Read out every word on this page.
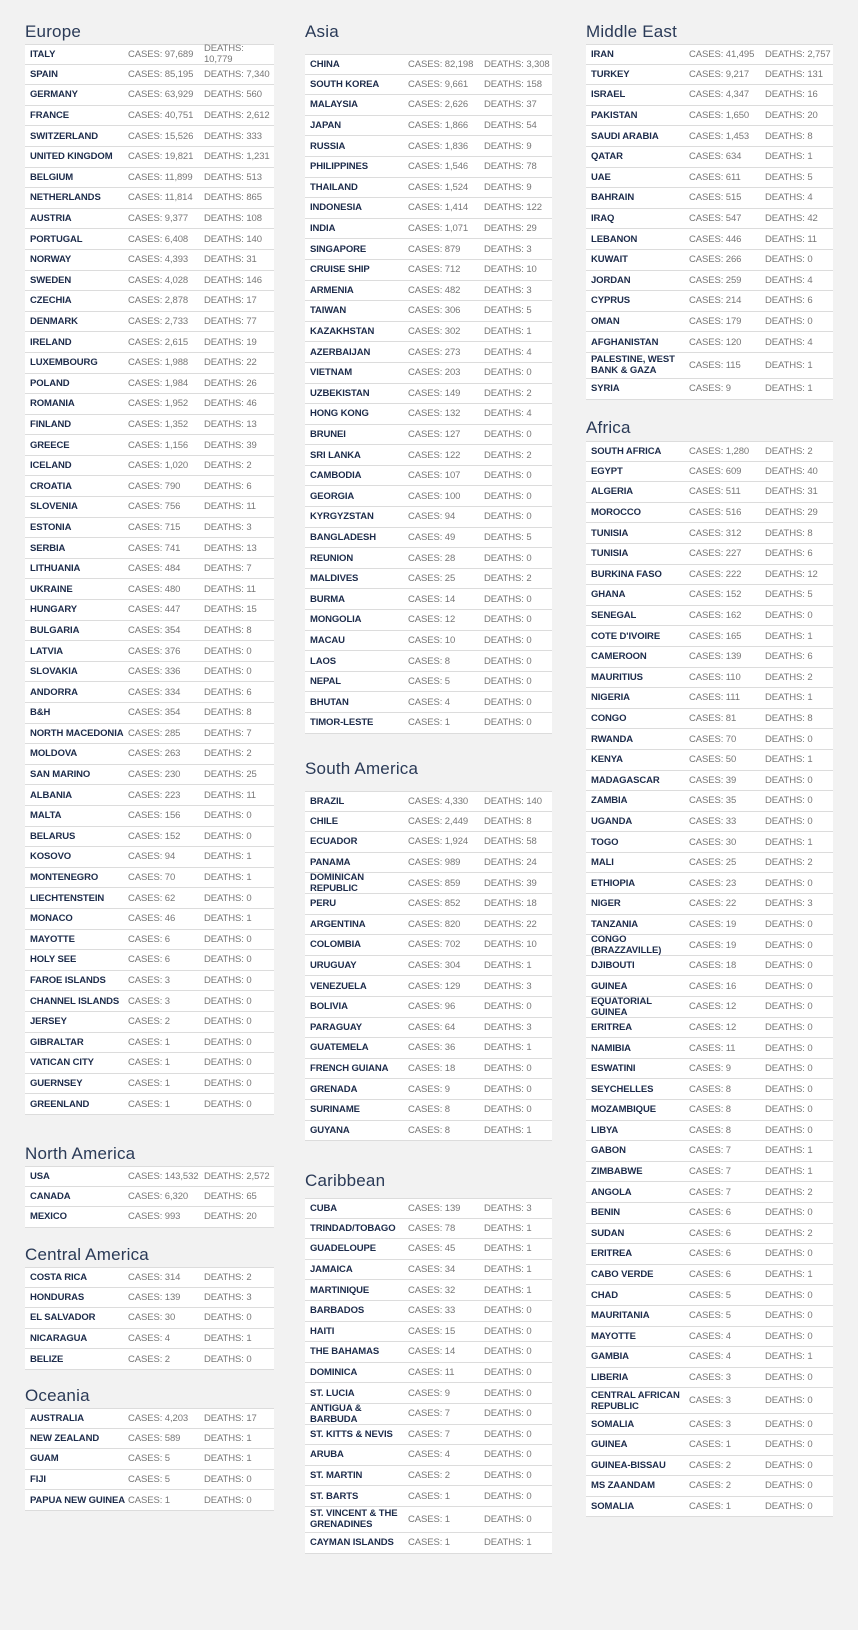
Europe
ITALY	CASES: 97,689	DEATHS: 10,779
SPAIN	CASES: 85,195	DEATHS: 7,340
GERMANY	CASES: 63,929	DEATHS: 560
FRANCE	CASES: 40,751	DEATHS: 2,612
SWITZERLAND	CASES: 15,526	DEATHS: 333
UNITED KINGDOM	CASES: 19,821	DEATHS: 1,231
BELGIUM	CASES: 11,899	DEATHS: 513
NETHERLANDS	CASES: 11,814	DEATHS: 865
AUSTRIA	CASES: 9,377	DEATHS: 108
PORTUGAL	CASES: 6,408	DEATHS: 140
NORWAY	CASES: 4,393	DEATHS: 31
SWEDEN	CASES: 4,028	DEATHS: 146
CZECHIA	CASES: 2,878	DEATHS: 17
DENMARK	CASES: 2,733	DEATHS: 77
IRELAND	CASES: 2,615	DEATHS: 19
LUXEMBOURG	CASES: 1,988	DEATHS: 22
POLAND	CASES: 1,984	DEATHS: 26
ROMANIA	CASES: 1,952	DEATHS: 46
FINLAND	CASES: 1,352	DEATHS: 13
GREECE	CASES: 1,156	DEATHS: 39
ICELAND	CASES: 1,020	DEATHS: 2
CROATIA	CASES: 790	DEATHS: 6
SLOVENIA	CASES: 756	DEATHS: 11
ESTONIA	CASES: 715	DEATHS: 3
SERBIA	CASES: 741	DEATHS: 13
LITHUANIA	CASES: 484	DEATHS: 7
UKRAINE	CASES: 480	DEATHS: 11
HUNGARY	CASES: 447	DEATHS: 15
BULGARIA	CASES: 354	DEATHS: 8
LATVIA	CASES: 376	DEATHS: 0
SLOVAKIA	CASES: 336	DEATHS: 0
ANDORRA	CASES: 334	DEATHS: 6
B&H	CASES: 354	DEATHS: 8
NORTH MACEDONIA CASES: 285	DEATHS: 7
MOLDOVA	CASES: 263	DEATHS: 2
SAN MARINO	CASES: 230	DEATHS: 25
ALBANIA	CASES: 223	DEATHS: 11
MALTA	CASES: 156	DEATHS: 0
BELARUS	CASES: 152	DEATHS: 0
KOSOVO	CASES: 94	DEATHS: 1
MONTENEGRO	CASES: 70	DEATHS: 1
LIECHTENSTEIN	CASES: 62	DEATHS: 0
MONACO	CASES: 46	DEATHS: 1
MAYOTTE	CASES: 6	DEATHS: 0
HOLY SEE	CASES: 6	DEATHS: 0
FAROE ISLANDS	CASES: 3	DEATHS: 0
CHANNEL ISLANDS CASES: 3	DEATHS: 0
JERSEY	CASES: 2	DEATHS: 0
GIBRALTAR	CASES: 1	DEATHS: 0
VATICAN CITY	CASES: 1	DEATHS: 0
GUERNSEY	CASES: 1	DEATHS: 0
GREENLAND	CASES: 1	DEATHS: 0
North America
USA	CASES: 143,532 DEATHS: 2,572
CANADA	CASES: 6,320	DEATHS: 65
MEXICO	CASES: 993	DEATHS: 20
Central America
COSTA RICA	CASES: 314	DEATHS: 2
HONDURAS	CASES: 139	DEATHS: 3
EL SALVADOR	CASES: 30	DEATHS: 0
NICARAGUA	CASES: 4	DEATHS: 1
BELIZE	CASES: 2	DEATHS: 0
Oceania
AUSTRALIA	CASES: 4,203	DEATHS: 17
NEW ZEALAND	CASES: 589	DEATHS: 1
GUAM	CASES: 5	DEATHS: 1
FIJI	CASES: 5	DEATHS: 0
PAPUA NEW GUINEA CASES: 1	DEATHS: 0
Asia
CHINA	CASES: 82,198	DEATHS: 3,308
SOUTH KOREA	CASES: 9,661	DEATHS: 158
MALAYSIA	CASES: 2,626	DEATHS: 37
JAPAN	CASES: 1,866	DEATHS: 54
RUSSIA	CASES: 1,836	DEATHS: 9
PHILIPPINES	CASES: 1,546	DEATHS: 78
THAILAND	CASES: 1,524	DEATHS: 9
INDONESIA	CASES: 1,414	DEATHS: 122
INDIA	CASES: 1,071	DEATHS: 29
SINGAPORE	CASES: 879	DEATHS: 3
CRUISE SHIP	CASES: 712	DEATHS: 10
ARMENIA	CASES: 482	DEATHS: 3
TAIWAN	CASES: 306	DEATHS: 5
KAZAKHSTAN	CASES: 302	DEATHS: 1
AZERBAIJAN	CASES: 273	DEATHS: 4
VIETNAM	CASES: 203	DEATHS: 0
UZBEKISTAN	CASES: 149	DEATHS: 2
HONG KONG	CASES: 132	DEATHS: 4
BRUNEI	CASES: 127	DEATHS: 0
SRI LANKA	CASES: 122	DEATHS: 2
CAMBODIA	CASES: 107	DEATHS: 0
GEORGIA	CASES: 100	DEATHS: 0
KYRGYZSTAN	CASES: 94	DEATHS: 0
BANGLADESH	CASES: 49	DEATHS: 5
REUNION	CASES: 28	DEATHS: 0
MALDIVES	CASES: 25	DEATHS: 2
BURMA	CASES: 14	DEATHS: 0
MONGOLIA	CASES: 12	DEATHS: 0
MACAU	CASES: 10	DEATHS: 0
LAOS	CASES: 8	DEATHS: 0
NEPAL	CASES: 5	DEATHS: 0
BHUTAN	CASES: 4	DEATHS: 0
TIMOR-LESTE	CASES: 1	DEATHS: 0
South America
BRAZIL	CASES: 4,330	DEATHS: 140
CHILE	CASES: 2,449	DEATHS: 8
ECUADOR	CASES: 1,924	DEATHS: 58
PANAMA	CASES: 989	DEATHS: 24
DOMINICAN REPUBLIC	CASES: 859	DEATHS: 39
PERU	CASES: 852	DEATHS: 18
ARGENTINA	CASES: 820	DEATHS: 22
COLOMBIA	CASES: 702	DEATHS: 10
URUGUAY	CASES: 304	DEATHS: 1
VENEZUELA	CASES: 129	DEATHS: 3
BOLIVIA	CASES: 96	DEATHS: 0
PARAGUAY	CASES: 64	DEATHS: 3
GUATEMELA	CASES: 36	DEATHS: 1
FRENCH GUIANA	CASES: 18	DEATHS: 0
GRENADA	CASES: 9	DEATHS: 0
SURINAME	CASES: 8	DEATHS: 0
GUYANA	CASES: 8	DEATHS: 1
Caribbean
CUBA	CASES: 139	DEATHS: 3
TRINDAD/TOBAGO	CASES: 78	DEATHS: 1
GUADELOUPE	CASES: 45	DEATHS: 1
JAMAICA	CASES: 34	DEATHS: 1
MARTINIQUE	CASES: 32	DEATHS: 1
BARBADOS	CASES: 33	DEATHS: 0
HAITI	CASES: 15	DEATHS: 0
THE BAHAMAS	CASES: 14	DEATHS: 0
DOMINICA	CASES: 11	DEATHS: 0
ST. LUCIA	CASES: 9	DEATHS: 0
ANTIGUA & BARBUDA	CASES: 7	DEATHS: 0
ST. KITTS & NEVIS	CASES: 7	DEATHS: 0
ARUBA	CASES: 4	DEATHS: 0
ST. MARTIN	CASES: 2	DEATHS: 0
ST. BARTS	CASES: 1	DEATHS: 0
ST. VINCENT & THE GRENADINES	CASES: 1	DEATHS: 0
CAYMAN ISLANDS	CASES: 1	DEATHS: 1
Middle East
IRAN	CASES: 41,495	DEATHS: 2,757
TURKEY	CASES: 9,217	DEATHS: 131
ISRAEL	CASES: 4,347	DEATHS: 16
PAKISTAN	CASES: 1,650	DEATHS: 20
SAUDI ARABIA	CASES: 1,453	DEATHS: 8
QATAR	CASES: 634	DEATHS: 1
UAE	CASES: 611	DEATHS: 5
BAHRAIN	CASES: 515	DEATHS: 4
IRAQ	CASES: 547	DEATHS: 42
LEBANON	CASES: 446	DEATHS: 11
KUWAIT	CASES: 266	DEATHS: 0
JORDAN	CASES: 259	DEATHS: 4
CYPRUS	CASES: 214	DEATHS: 6
OMAN	CASES: 179	DEATHS: 0
AFGHANISTAN	CASES: 120	DEATHS: 4
PALESTINE, WEST BANK & GAZA	CASES: 115	DEATHS: 1
SYRIA	CASES: 9	DEATHS: 1
Africa
SOUTH AFRICA	CASES: 1,280	DEATHS: 2
EGYPT	CASES: 609	DEATHS: 40
ALGERIA	CASES: 511	DEATHS: 31
MOROCCO	CASES: 516	DEATHS: 29
TUNISIA	CASES: 312	DEATHS: 8
TUNISIA	CASES: 227	DEATHS: 6
BURKINA FASO	CASES: 222	DEATHS: 12
GHANA	CASES: 152	DEATHS: 5
SENEGAL	CASES: 162	DEATHS: 0
COTE D'IVOIRE	CASES: 165	DEATHS: 1
CAMEROON	CASES: 139	DEATHS: 6
MAURITIUS	CASES: 110	DEATHS: 2
NIGERIA	CASES: 111	DEATHS: 1
CONGO	CASES: 81	DEATHS: 8
RWANDA	CASES: 70	DEATHS: 0
KENYA	CASES: 50	DEATHS: 1
MADAGASCAR	CASES: 39	DEATHS: 0
ZAMBIA	CASES: 35	DEATHS: 0
UGANDA	CASES: 33	DEATHS: 0
TOGO	CASES: 30	DEATHS: 1
MALI	CASES: 25	DEATHS: 2
ETHIOPIA	CASES: 23	DEATHS: 0
NIGER	CASES: 22	DEATHS: 3
TANZANIA	CASES: 19	DEATHS: 0
CONGO (BRAZZAVILLE)	CASES: 19	DEATHS: 0
DJIBOUTI	CASES: 18	DEATHS: 0
GUINEA	CASES: 16	DEATHS: 0
EQUATORIAL GUINEA	CASES: 12	DEATHS: 0
ERITREA	CASES: 12	DEATHS: 0
NAMIBIA	CASES: 11	DEATHS: 0
ESWATINI	CASES: 9	DEATHS: 0
SEYCHELLES	CASES: 8	DEATHS: 0
MOZAMBIQUE	CASES: 8	DEATHS: 0
LIBYA	CASES: 8	DEATHS: 0
GABON	CASES: 7	DEATHS: 1
ZIMBABWE	CASES: 7	DEATHS: 1
ANGOLA	CASES: 7	DEATHS: 2
BENIN	CASES: 6	DEATHS: 0
SUDAN	CASES: 6	DEATHS: 2
ERITREA	CASES: 6	DEATHS: 0
CABO VERDE	CASES: 6	DEATHS: 1
CHAD	CASES: 5	DEATHS: 0
MAURITANIA	CASES: 5	DEATHS: 0
MAYOTTE	CASES: 4	DEATHS: 0
GAMBIA	CASES: 4	DEATHS: 1
LIBERIA	CASES: 3	DEATHS: 0
CENTRAL AFRICAN REPUBLIC	CASES: 3	DEATHS: 0
SOMALIA	CASES: 3	DEATHS: 0
GUINEA	CASES: 1	DEATHS: 0
GUINEA-BISSAU	CASES: 2	DEATHS: 0
MS ZAANDAM	CASES: 2	DEATHS: 0
SOMALIA	CASES: 1	DEATHS: 0
